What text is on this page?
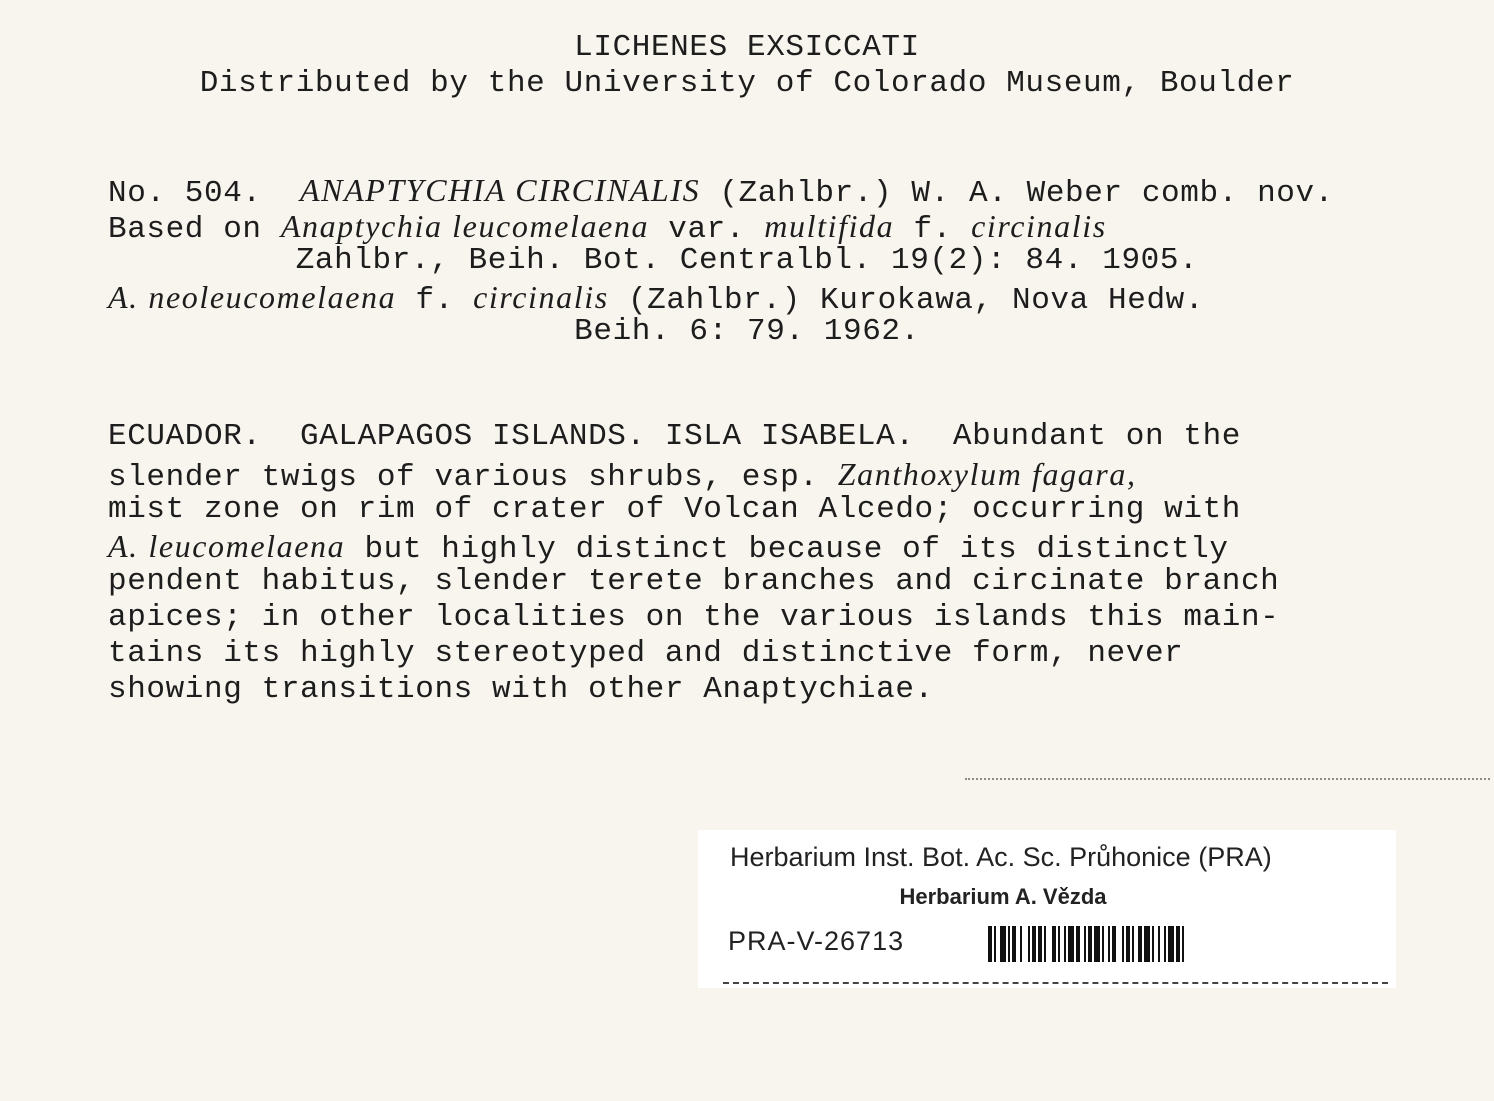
LICHENES EXSICCATI
Distributed by the University of Colorado Museum, Boulder
No. 504. ANAPTYCHIA CIRCINALIS (Zahlbr.) W. A. Weber comb. nov.
Based on Anaptychia leucomelaena var. multifida f. circinalis
Zahlbr., Beih. Bot. Centralbl. 19(2): 84. 1905.
A. neoleucomelaena f. circinalis (Zahlbr.) Kurokawa, Nova Hedw.
Beih. 6: 79. 1962.
ECUADOR.  GALAPAGOS ISLANDS. ISLA ISABELA.  Abundant on the
slender twigs of various shrubs, esp. Zanthoxylum fagara,
mist zone on rim of crater of Volcan Alcedo; occurring with
A. leucomelaena but highly distinct because of its distinctly
pendent habitus, slender terete branches and circinate branch
apices; in other localities on the various islands this main-
tains its highly stereotyped and distinctive form, never
showing transitions with other Anaptychiae.
Herbarium Inst. Bot. Ac. Sc. Průhonice (PRA)
Herbarium A. Vězda
PRA-V-26713
